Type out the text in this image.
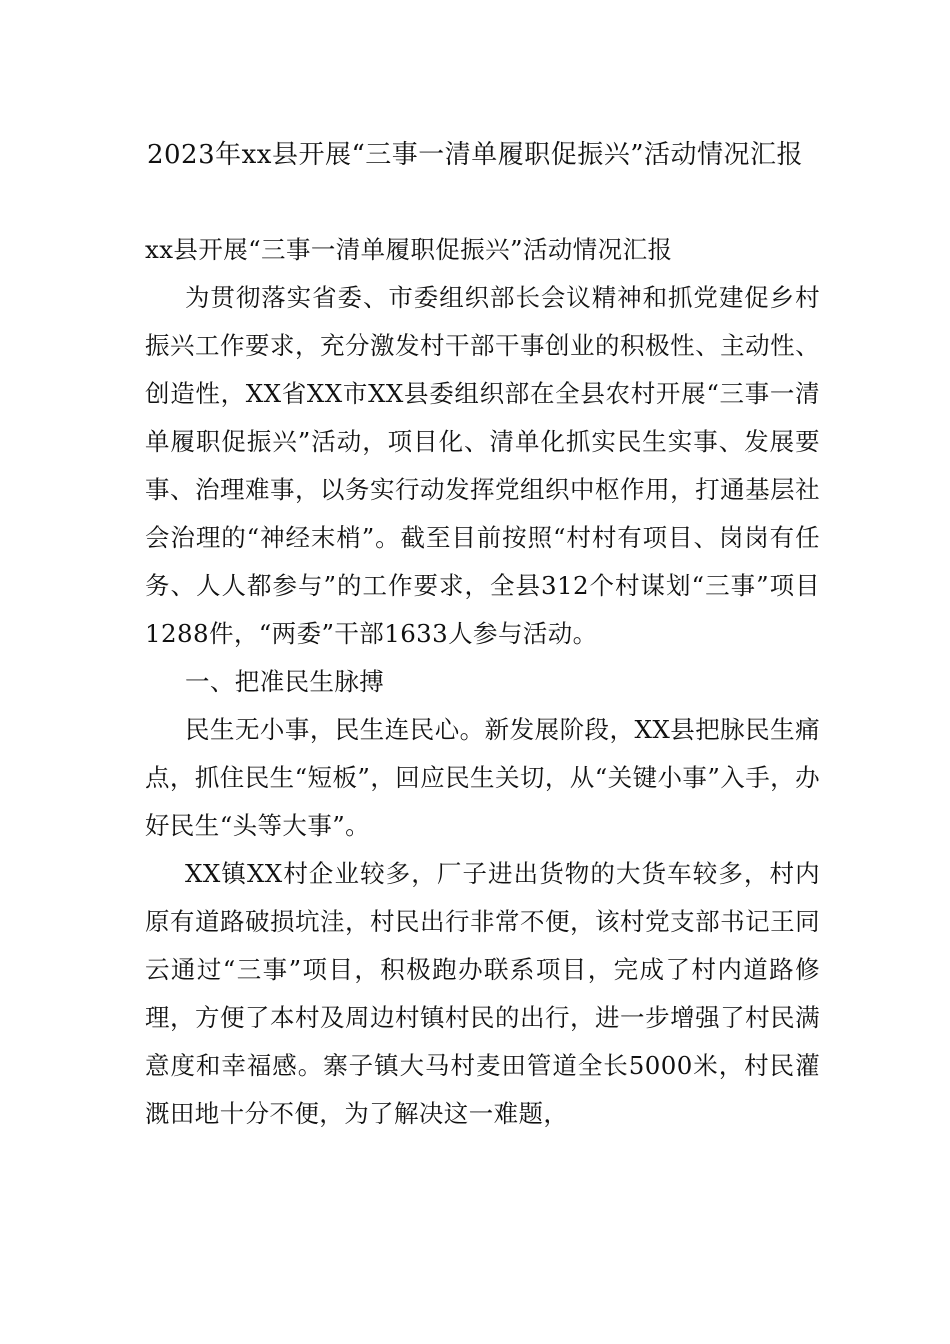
2023年xx县开展“三事一清单履职促振兴”活动情况汇报

xx县开展“三事一清单履职促振兴”活动情况汇报

为贯彻落实省委、市委组织部长会议精神和抓党建促乡村振兴工作要求，充分激发村干部干事创业的积极性、主动性、创造性，XX省XX市XX县委组织部在全县农村开展“三事一清单履职促振兴”活动，项目化、清单化抓实民生实事、发展要事、治理难事，以务实行动发挥党组织中枢作用，打通基层社会治理的“神经末梢”。截至目前按照“村村有项目、岗岗有任务、人人都参与”的工作要求，全县312个村谋划“三事”项目1288件，“两委”干部1633人参与活动。

一、把准民生脉搏

民生无小事，民生连民心。新发展阶段，XX县把脉民生痛点，抓住民生“短板”，回应民生关切，从“关键小事”入手，办好民生“头等大事”。

XX镇XX村企业较多，厂子进出货物的大货车较多，村内原有道路破损坑洼，村民出行非常不便，该村党支部书记王同云通过“三事”项目，积极跑办联系项目，完成了村内道路修理，方便了本村及周边村镇村民的出行，进一步增强了村民满意度和幸福感。寨子镇大马村麦田管道全长5000米，村民灌溉田地十分不便，为了解决这一难题，
